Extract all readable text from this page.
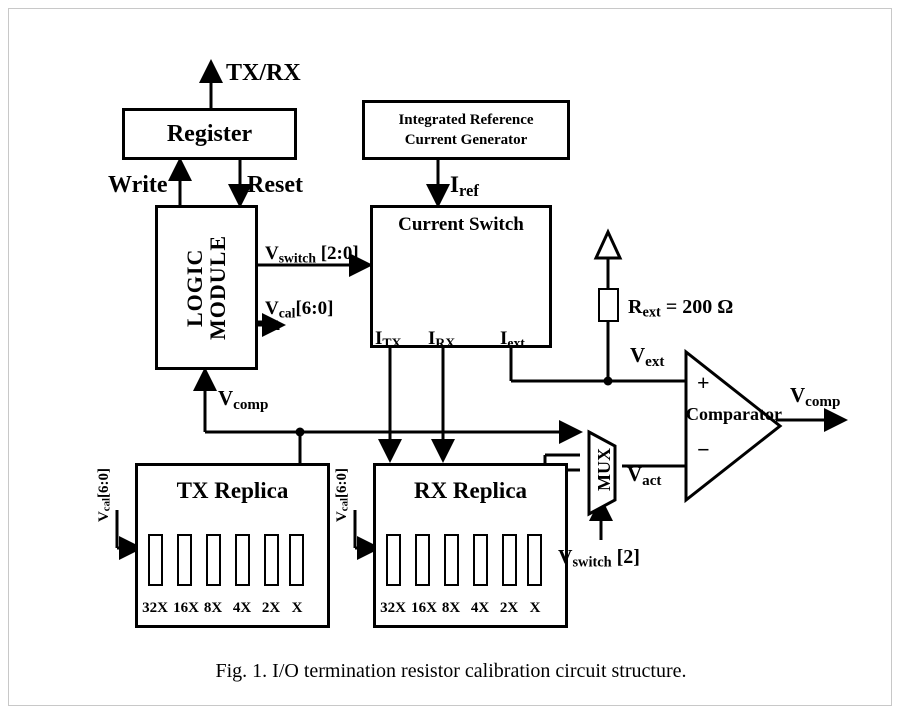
Register
LOGIC MODULE
Integrated Reference
Current Generator
Current Switch
TX Replica	RX Replica
32X 16X 8X 4X 2X X	32X 16X 8X 4X 2X X
TX/RX
Write	Reset	$I_{ref}$
$V_{switch}$ [2:0]
$V_{cal}[6:0]$
$V_{comp}$
$I_{TX}$ $I_{RX}$ $I_{ext}$
$R_{ext} = 200$ Ω
$V_{ext}$
$V_{act}$
$V_{comp}$
$V_{switch}$ [2]
$V_{cal}[6:0]$
$V_{cal}[6:0]$	MUX
Comparator
+
−
Fig. 1. I/O termination resistor calibration circuit structure.
